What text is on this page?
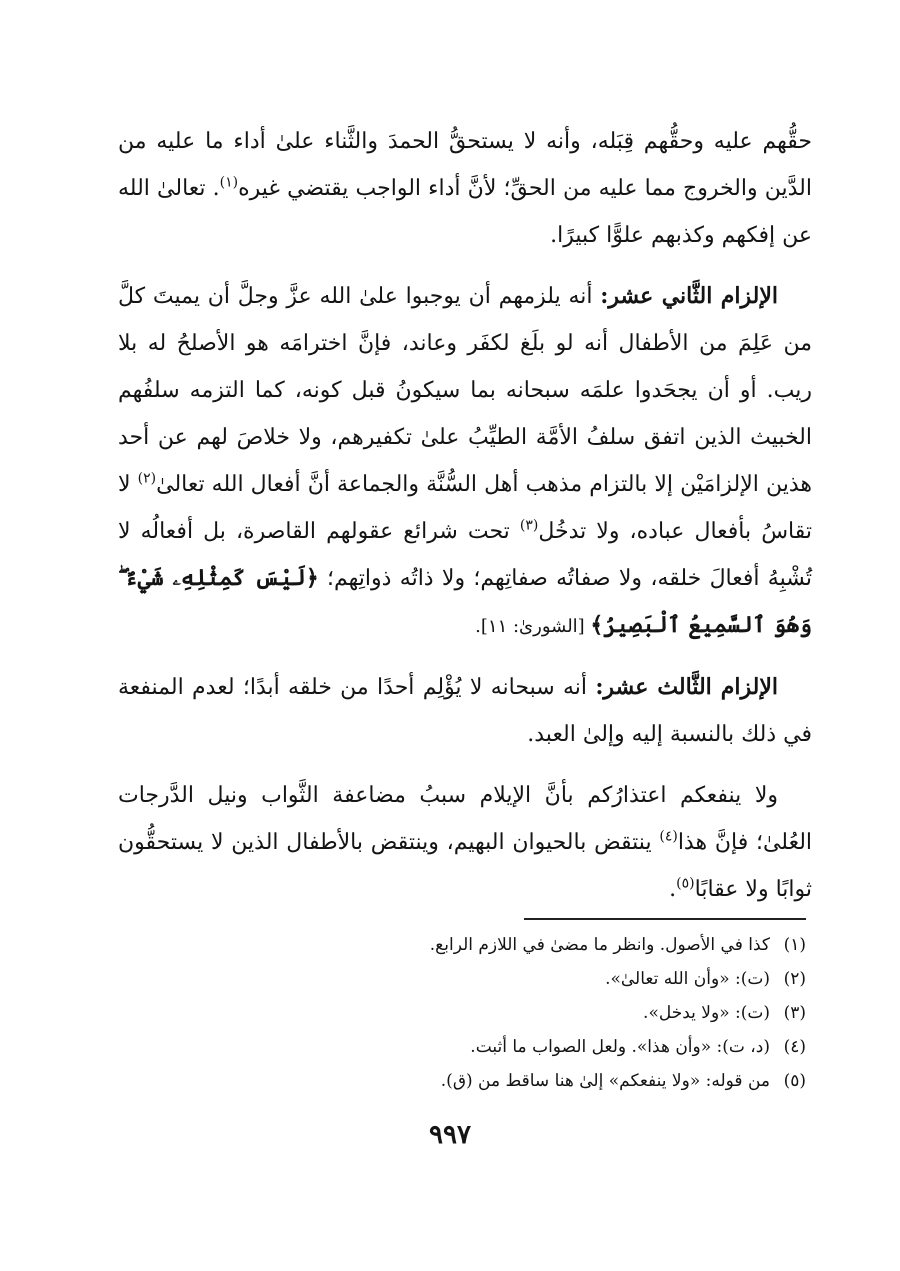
حقُّهم عليه وحقُّهم قِبَله، وأنه لا يستحقُّ الحمدَ والثَّناء علىٰ أداء ما عليه من الدَّين والخروج مما عليه من الحقِّ؛ لأنَّ أداء الواجب يقتضي غيره$^{(١)}$. تعالىٰ الله عن إفكهم وكذبهم علوًّا كبيرًا.

الإلزام الثَّاني عشر: أنه يلزمهم أن يوجبوا علىٰ الله عزَّ وجلَّ أن يميتَ كلَّ من عَلِمَ من الأطفال أنه لو بلَغ لكفَر وعاند، فإنَّ اخترامَه هو الأصلحُ له بلا ريب. أو أن يجحَدوا علمَه سبحانه بما سيكونُ قبل كونه، كما التزمه سلفُهم الخبيث الذين اتفق سلفُ الأمَّة الطيِّبُ علىٰ تكفيرهم، ولا خلاصَ لهم عن أحد هذين الإلزامَيْن إلا بالتزام مذهب أهل السُّنَّة والجماعة أنَّ أفعال الله تعالىٰ$^{(٢)}$ لا تقاسُ بأفعال عباده، ولا تدخُل$^{(٣)}$ تحت شرائع عقولهم القاصرة، بل أفعالُه لا تُشْبِهُ أفعالَ خلقه، ولا صفاتُه صفاتِهم؛ ولا ذاتُه ذواتِهم؛ ﴿لَيْسَ كَمِثْلِهِۦ شَيْءٌ ۖ وَهُوَ ٱلسَّمِيعُ ٱلْبَصِيرُ﴾ [الشورىٰ: ١١].

الإلزام الثَّالث عشر: أنه سبحانه لا يُؤْلِم أحدًا من خلقه أبدًا؛ لعدم المنفعة في ذلك بالنسبة إليه وإلىٰ العبد.

ولا ينفعكم اعتذارُكم بأنَّ الإيلام سببُ مضاعفة الثَّواب ونيل الدَّرجات العُلىٰ؛ فإنَّ هذا$^{(٤)}$ ينتقض بالحيوان البهيم، وينتقض بالأطفال الذين لا يستحقُّون ثوابًا ولا عقابًا$^{(٥)}$.

(١)كذا في الأصول. وانظر ما مضىٰ في اللازم الرابع.
(٢)(ت): «وأن الله تعالىٰ».
(٣)(ت): «ولا يدخل».
(٤)(د، ت): «وأن هذا». ولعل الصواب ما أثبت.
(٥)من قوله: «ولا ينفعكم» إلىٰ هنا ساقط من (ق).
٩٩٧
